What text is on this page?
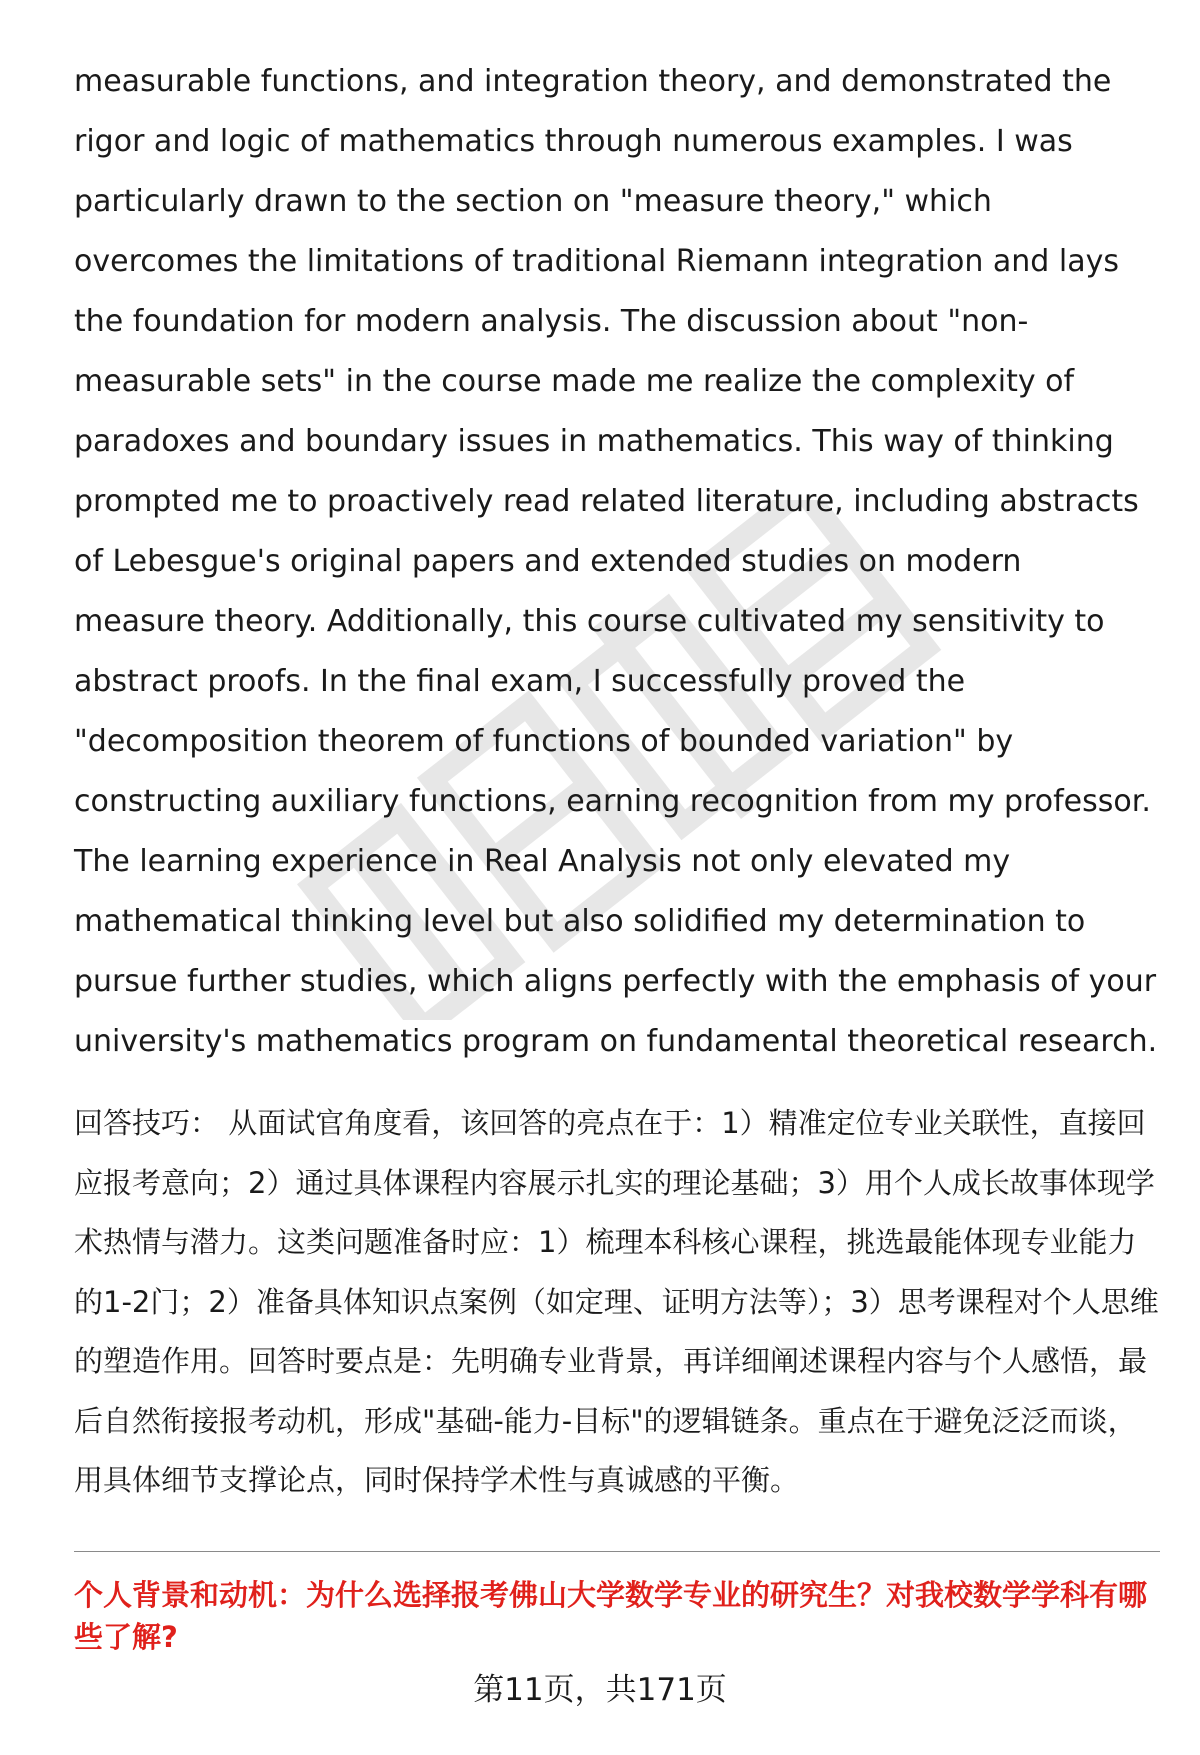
measurable functions, and integration theory, and demonstrated the rigor and logic of mathematics through numerous examples. I was particularly drawn to the section on "measure theory," which overcomes the limitations of traditional Riemann integration and lays the foundation for modern analysis. The discussion about "non-measurable sets" in the course made me realize the complexity of paradoxes and boundary issues in mathematics. This way of thinking prompted me to proactively read related literature, including abstracts of Lebesgue's original papers and extended studies on modern measure theory. Additionally, this course cultivated my sensitivity to abstract proofs. In the final exam, I successfully proved the "decomposition theorem of functions of bounded variation" by constructing auxiliary functions, earning recognition from my professor. The learning experience in Real Analysis not only elevated my mathematical thinking level but also solidified my determination to pursue further studies, which aligns perfectly with the emphasis of your university's mathematics program on fundamental theoretical research.

回答技巧： 从面试官角度看，该回答的亮点在于：1）精准定位专业关联性，直接回应报考意向；2）通过具体课程内容展示扎实的理论基础；3）用个人成长故事体现学术热情与潜力。这类问题准备时应：1）梳理本科核心课程，挑选最能体现专业能力的1-2门；2）准备具体知识点案例（如定理、证明方法等）；3）思考课程对个人思维的塑造作用。回答时要点是：先明确专业背景，再详细阐述课程内容与个人感悟，最后自然衔接报考动机，形成"基础-能力-目标"的逻辑链条。重点在于避免泛泛而谈，用具体细节支撑论点，同时保持学术性与真诚感的平衡。

个人背景和动机：为什么选择报考佛山大学数学专业的研究生？对我校数学学科有哪些了解?

第11页，共171页
